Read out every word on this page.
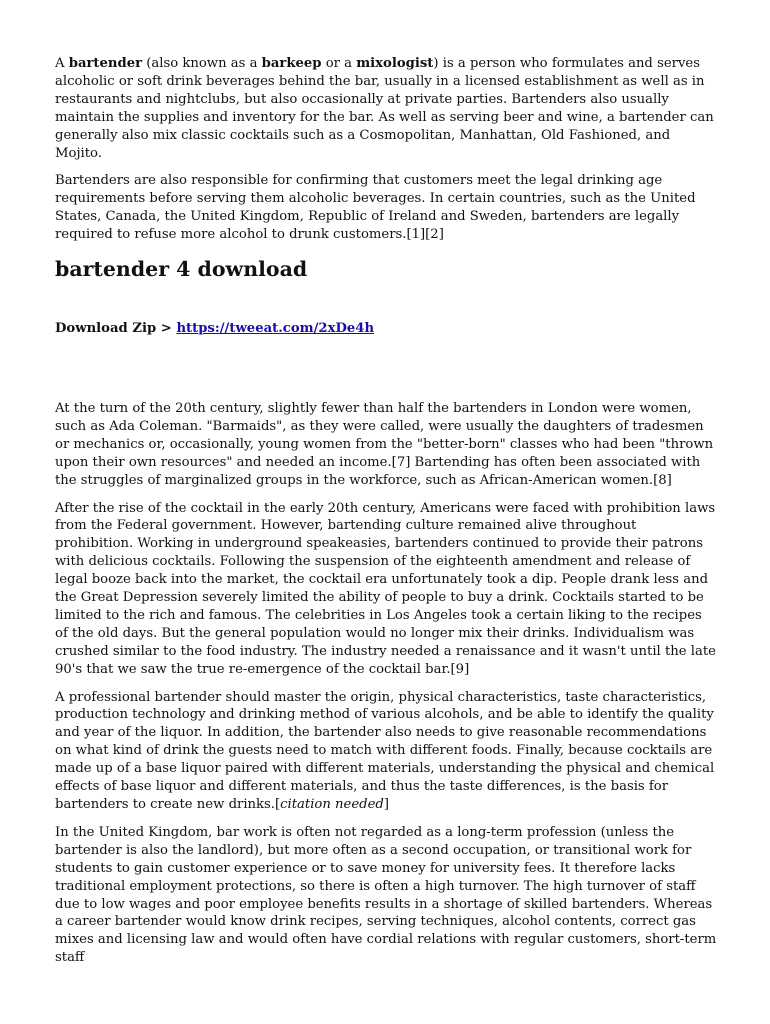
A bartender (also known as a barkeep or a mixologist) is a person who formulates and serves alcoholic or soft drink beverages behind the bar, usually in a licensed establishment as well as in restaurants and nightclubs, but also occasionally at private parties. Bartenders also usually maintain the supplies and inventory for the bar. As well as serving beer and wine, a bartender can generally also mix classic cocktails such as a Cosmopolitan, Manhattan, Old Fashioned, and Mojito.

Bartenders are also responsible for confirming that customers meet the legal drinking age requirements before serving them alcoholic beverages. In certain countries, such as the United States, Canada, the United Kingdom, Republic of Ireland and Sweden, bartenders are legally required to refuse more alcohol to drunk customers.[1][2]

bartender 4 download

Download Zip > https://tweeat.com/2xDe4h

At the turn of the 20th century, slightly fewer than half the bartenders in London were women, such as Ada Coleman. "Barmaids", as they were called, were usually the daughters of tradesmen or mechanics or, occasionally, young women from the "better-born" classes who had been "thrown upon their own resources" and needed an income.[7] Bartending has often been associated with the struggles of marginalized groups in the workforce, such as African-American women.[8]

After the rise of the cocktail in the early 20th century, Americans were faced with prohibition laws from the Federal government. However, bartending culture remained alive throughout prohibition. Working in underground speakeasies, bartenders continued to provide their patrons with delicious cocktails. Following the suspension of the eighteenth amendment and release of legal booze back into the market, the cocktail era unfortunately took a dip. People drank less and the Great Depression severely limited the ability of people to buy a drink. Cocktails started to be limited to the rich and famous. The celebrities in Los Angeles took a certain liking to the recipes of the old days. But the general population would no longer mix their drinks. Individualism was crushed similar to the food industry. The industry needed a renaissance and it wasn't until the late 90's that we saw the true re-emergence of the cocktail bar.[9]

A professional bartender should master the origin, physical characteristics, taste characteristics, production technology and drinking method of various alcohols, and be able to identify the quality and year of the liquor. In addition, the bartender also needs to give reasonable recommendations on what kind of drink the guests need to match with different foods. Finally, because cocktails are made up of a base liquor paired with different materials, understanding the physical and chemical effects of base liquor and different materials, and thus the taste differences, is the basis for bartenders to create new drinks.[citation needed]

In the United Kingdom, bar work is often not regarded as a long-term profession (unless the bartender is also the landlord), but more often as a second occupation, or transitional work for students to gain customer experience or to save money for university fees. It therefore lacks traditional employment protections, so there is often a high turnover. The high turnover of staff due to low wages and poor employee benefits results in a shortage of skilled bartenders. Whereas a career bartender would know drink recipes, serving techniques, alcohol contents, correct gas mixes and licensing law and would often have cordial relations with regular customers, short-term staff
